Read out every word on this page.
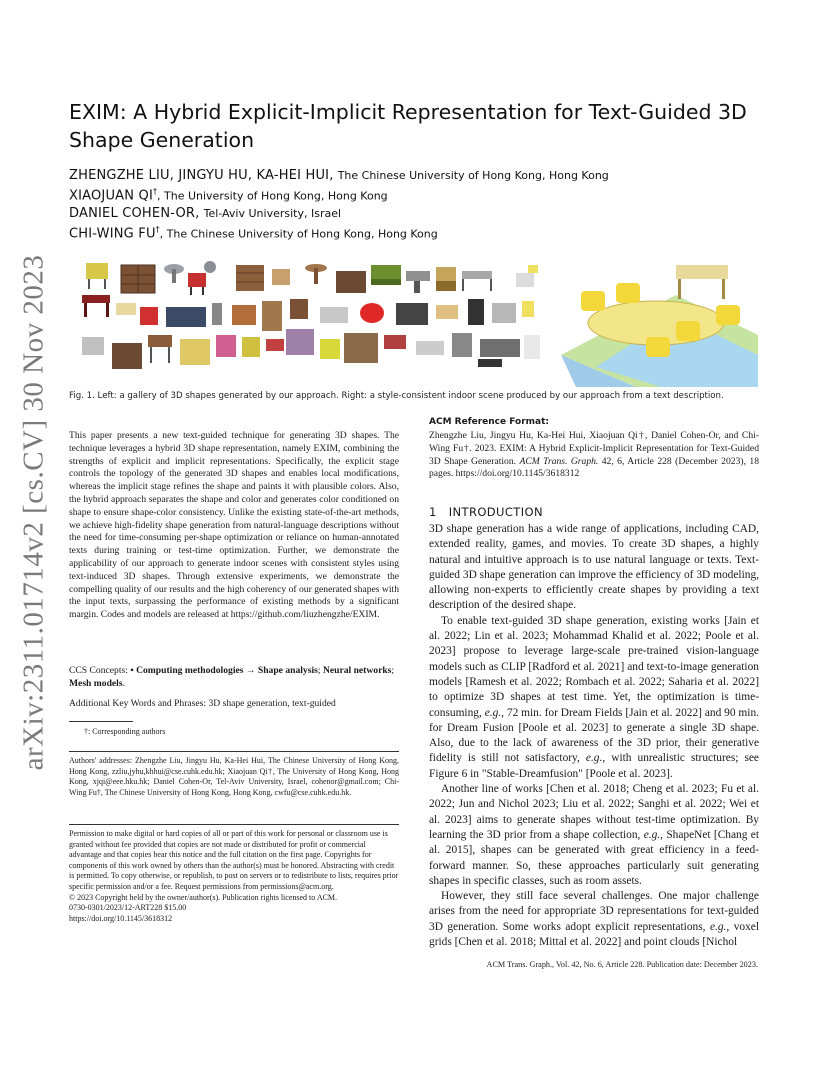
arXiv:2311.01714v2 [cs.CV] 30 Nov 2023
EXIM: A Hybrid Explicit-Implicit Representation for Text-Guided 3D Shape Generation
ZHENGZHE LIU, JINGYU HU, KA-HEI HUI, The Chinese University of Hong Kong, Hong Kong
XIAOJUAN QI†, The University of Hong Kong, Hong Kong
DANIEL COHEN-OR, Tel-Aviv University, Israel
CHI-WING FU†, The Chinese University of Hong Kong, Hong Kong
Fig. 1. Left: a gallery of 3D shapes generated by our approach. Right: a style-consistent indoor scene produced by our approach from a text description.
This paper presents a new text-guided technique for generating 3D shapes. The technique leverages a hybrid 3D shape representation, namely EXIM, combining the strengths of explicit and implicit representations. Specifically, the explicit stage controls the topology of the generated 3D shapes and enables local modifications, whereas the implicit stage refines the shape and paints it with plausible colors. Also, the hybrid approach separates the shape and color and generates color conditioned on shape to ensure shape-color consistency. Unlike the existing state-of-the-art methods, we achieve high-fidelity shape generation from natural-language descriptions without the need for time-consuming per-shape optimization or reliance on human-annotated texts during training or test-time optimization. Further, we demonstrate the applicability of our approach to generate indoor scenes with consistent styles using text-induced 3D shapes. Through extensive experiments, we demonstrate the compelling quality of our results and the high coherency of our generated shapes with the input texts, surpassing the performance of existing methods by a significant margin. Codes and models are released at https://github.com/liuzhengzhe/EXIM.
CCS Concepts: • Computing methodologies → Shape analysis; Neural networks; Mesh models.
Additional Key Words and Phrases: 3D shape generation, text-guided
†: Corresponding authors
Authors' addresses: Zhengzhe Liu, Jingyu Hu, Ka-Hei Hui, The Chinese University of Hong Kong, Hong Kong, zzliu,jyhu,khhui@cse.cuhk.edu.hk; Xiaojuan Qi†, The University of Hong Kong, Hong Kong, xjqi@eee.hku.hk; Daniel Cohen-Or, Tel-Aviv University, Israel, cohenor@gmail.com; Chi-Wing Fu†, The Chinese University of Hong Kong, Hong Kong, cwfu@cse.cuhk.edu.hk.
Permission to make digital or hard copies of all or part of this work for personal or classroom use is granted without fee provided that copies are not made or distributed for profit or commercial advantage and that copies bear this notice and the full citation on the first page. Copyrights for components of this work owned by others than the author(s) must be honored. Abstracting with credit is permitted. To copy otherwise, or republish, to post on servers or to redistribute to lists, requires prior specific permission and/or a fee. Request permissions from permissions@acm.org.
© 2023 Copyright held by the owner/author(s). Publication rights licensed to ACM.
0730-0301/2023/12-ART228 $15.00
https://doi.org/10.1145/3618312
ACM Reference Format:
Zhengzhe Liu, Jingyu Hu, Ka-Hei Hui, Xiaojuan Qi†, Daniel Cohen-Or, and Chi-Wing Fu†. 2023. EXIM: A Hybrid Explicit-Implicit Representation for Text-Guided 3D Shape Generation. ACM Trans. Graph. 42, 6, Article 228 (December 2023), 18 pages. https://doi.org/10.1145/3618312
1 INTRODUCTION

3D shape generation has a wide range of applications, including CAD, extended reality, games, and movies. To create 3D shapes, a highly natural and intuitive approach is to use natural language or texts. Text-guided 3D shape generation can improve the efficiency of 3D modeling, allowing non-experts to efficiently create shapes by providing a text description of the desired shape.

To enable text-guided 3D shape generation, existing works [Jain et al. 2022; Lin et al. 2023; Mohammad Khalid et al. 2022; Poole et al. 2023] propose to leverage large-scale pre-trained vision-language models such as CLIP [Radford et al. 2021] and text-to-image generation models [Ramesh et al. 2022; Rombach et al. 2022; Saharia et al. 2022] to optimize 3D shapes at test time. Yet, the optimization is time-consuming, e.g., 72 min. for Dream Fields [Jain et al. 2022] and 90 min. for Dream Fusion [Poole et al. 2023] to generate a single 3D shape. Also, due to the lack of awareness of the 3D prior, their generative fidelity is still not satisfactory, e.g., with unrealistic structures; see Figure 6 in "Stable-Dreamfusion" [Poole et al. 2023].

Another line of works [Chen et al. 2018; Cheng et al. 2023; Fu et al. 2022; Jun and Nichol 2023; Liu et al. 2022; Sanghi et al. 2022; Wei et al. 2023] aims to generate shapes without test-time optimization. By learning the 3D prior from a shape collection, e.g., ShapeNet [Chang et al. 2015], shapes can be generated with great efficiency in a feed-forward manner. So, these approaches particularly suit generating shapes in specific classes, such as room assets.

However, they still face several challenges. One major challenge arises from the need for appropriate 3D representations for text-guided 3D generation. Some works adopt explicit representations, e.g., voxel grids [Chen et al. 2018; Mittal et al. 2022] and point clouds [Nichol

ACM Trans. Graph., Vol. 42, No. 6, Article 228. Publication date: December 2023.
